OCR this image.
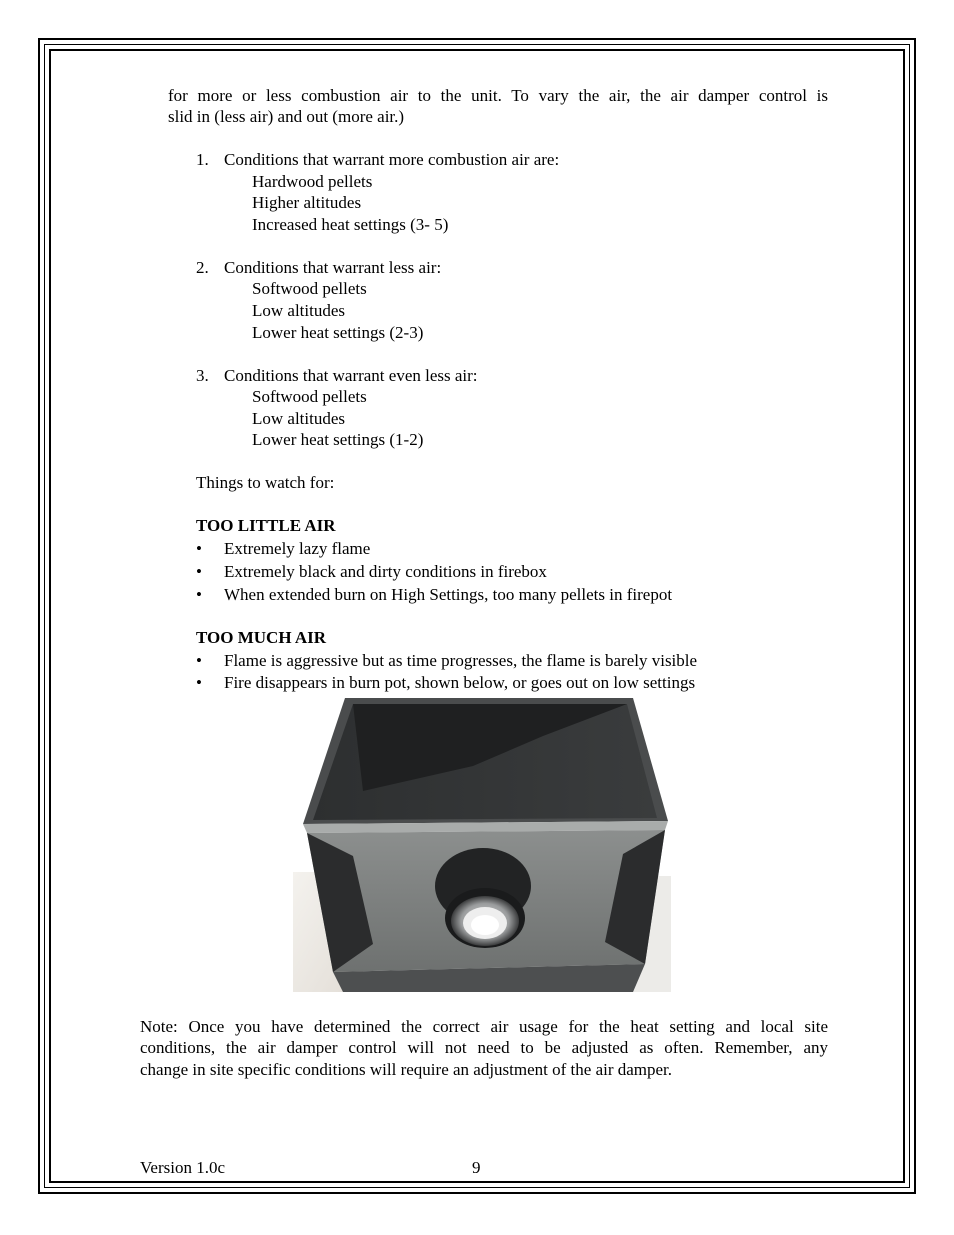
for more or less combustion air to the unit. To vary the air, the air damper control is
slid in (less air) and out (more air.)
1. Conditions that warrant more combustion air are:
Hardwood pellets
Higher altitudes
Increased heat settings (3- 5)
2. Conditions that warrant less air:
Softwood pellets
Low altitudes
Lower heat settings (2-3)
3. Conditions that warrant even less air:
Softwood pellets
Low altitudes
Lower heat settings (1-2)
Things to watch for:
TOO LITTLE AIR
•	Extremely lazy flame
•	Extremely black and dirty conditions in firebox
•	When extended burn on High Settings, too many pellets in firepot
TOO MUCH AIR
•	Flame is aggressive but as time progresses, the flame is barely visible
•	Fire disappears in burn pot, shown below, or goes out on low settings
Note: Once you have determined the correct air usage for the heat setting and local site
conditions, the air damper control will not need to be adjusted as often. Remember, any
change in site specific conditions will require an adjustment of the air damper.
Version 1.0c	9
